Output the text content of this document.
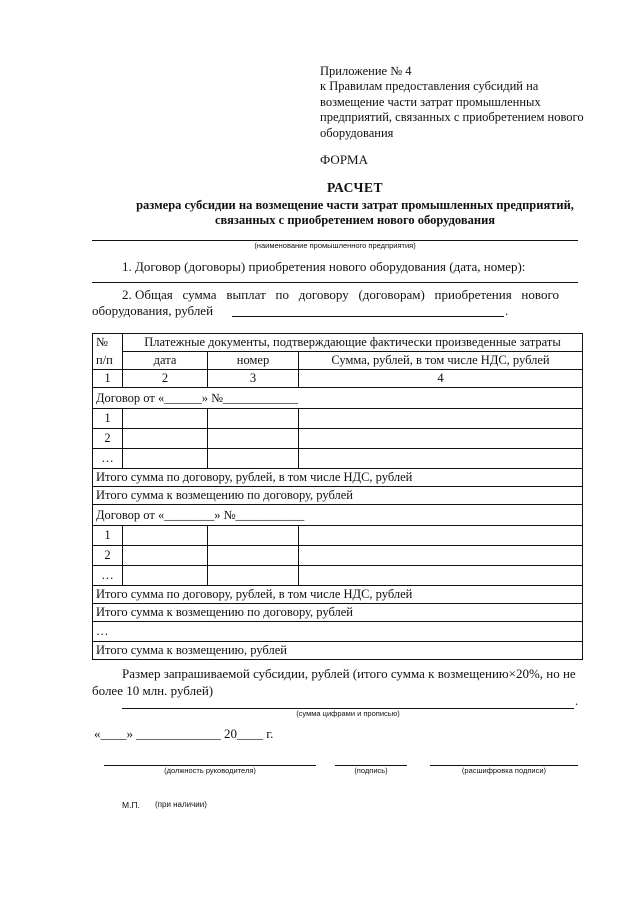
Приложение № 4
к Правилам предоставления субсидий на
возмещение части затрат промышленных
предприятий, связанных с приобретением нового
оборудования
ФОРМА
РАСЧЕТ
размера субсидии на возмещение части затрат промышленных предприятий,
связанных с приобретением нового оборудования
(наименование промышленного предприятия)
1. Договор (договоры) приобретения нового оборудования (дата, номер):
2. Общая   сумма   выплат   по   договору   (договорам)   приобретения   нового
оборудования, рублей	.
№	Платежные документы, подтверждающие фактически произведенные затраты		
п/п	дата	номер	Сумма, рублей, в том числе НДС, рублей
1	2	3	4
Договор от «______» №____________			
1			
2			
…			
Итого сумма по договору, рублей, в том числе НДС, рублей			
Итого сумма к возмещению по договору, рублей			
Договор от «________» №___________			
1			
2			
…			
Итого сумма по договору, рублей, в том числе НДС, рублей			
Итого сумма к возмещению по договору, рублей			
…			
Итого сумма к возмещению, рублей			
Размер запрашиваемой субсидии, рублей (итого сумма к возмещению×20%, но не
более 10 млн. рублей)
.
(сумма цифрами и прописью)
«____» _____________ 20____ г.
(должность руководителя)	(подпись)	(расшифровка подписи)
М.П. (при наличии)
